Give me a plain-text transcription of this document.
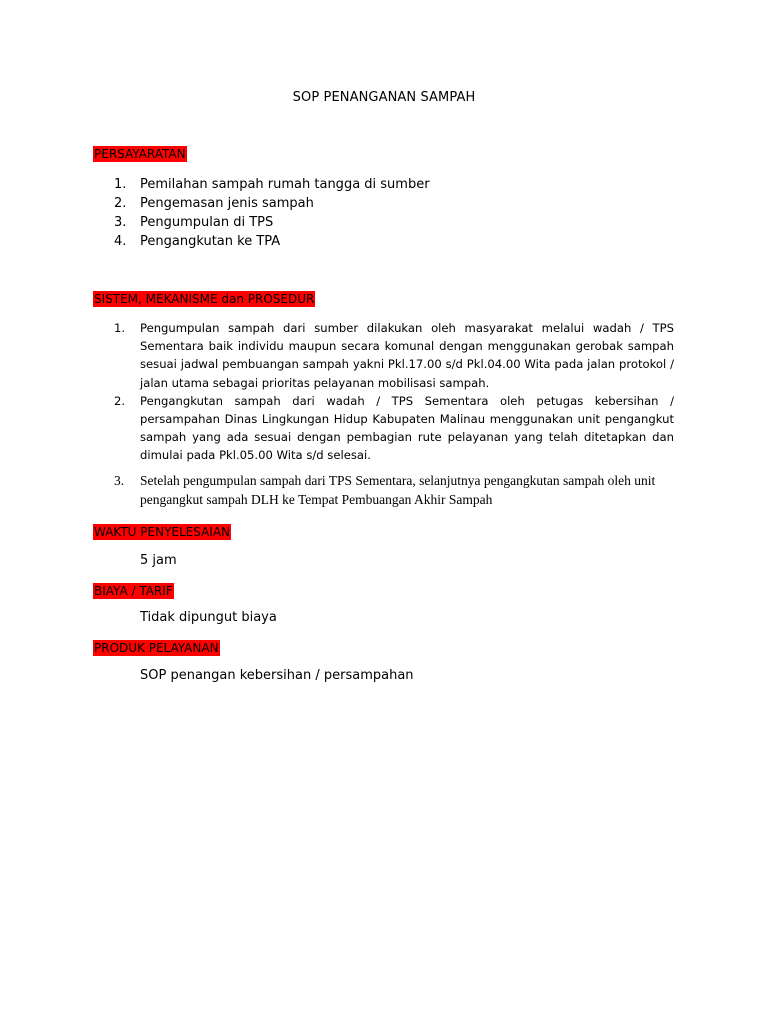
SOP PENANGAN​AN SAMPAH
PERSAYARATAN
1. Pemilahan sampah rumah tangga di sumber
2. Pengemasan jenis sampah
3. Pengumpulan di TPS
4. Pengangkutan ke TPA
SISTEM, MEKANISME dan PROSEDUR
1. Pengumpulan sampah dari sumber dilakukan oleh masyarakat melalui wadah / TPS Sementara baik individu maupun secara komunal dengan menggunakan gerobak sampah sesuai jadwal pembuangan sampah yakni Pkl.17.00 s/d Pkl.04.00 Wita pada jalan protokol / jalan utama sebagai prioritas pelayanan mobilisasi sampah.
2. Pengangkutan sampah dari wadah / TPS Sementara oleh petugas kebersihan / persampahan Dinas Lingkungan Hidup Kabupaten Malinau menggunakan unit pengangkut sampah yang ada sesuai dengan pembagian rute pelayanan yang telah ditetapkan dan dimulai pada Pkl.05.00 Wita s/d selesai.
3.	Setelah pengumpulan sampah dari TPS Sementara, selanjutnya pengangkutan sampah oleh unit pengangkut sampah DLH ke Tempat Pembuangan Akhir Sampah
WAKTU PENYELESAIAN
5 jam
BIAYA / TARIF
Tidak dipungut biaya
PRODUK PELAYANAN
SOP penangan kebersihan / persampahan
